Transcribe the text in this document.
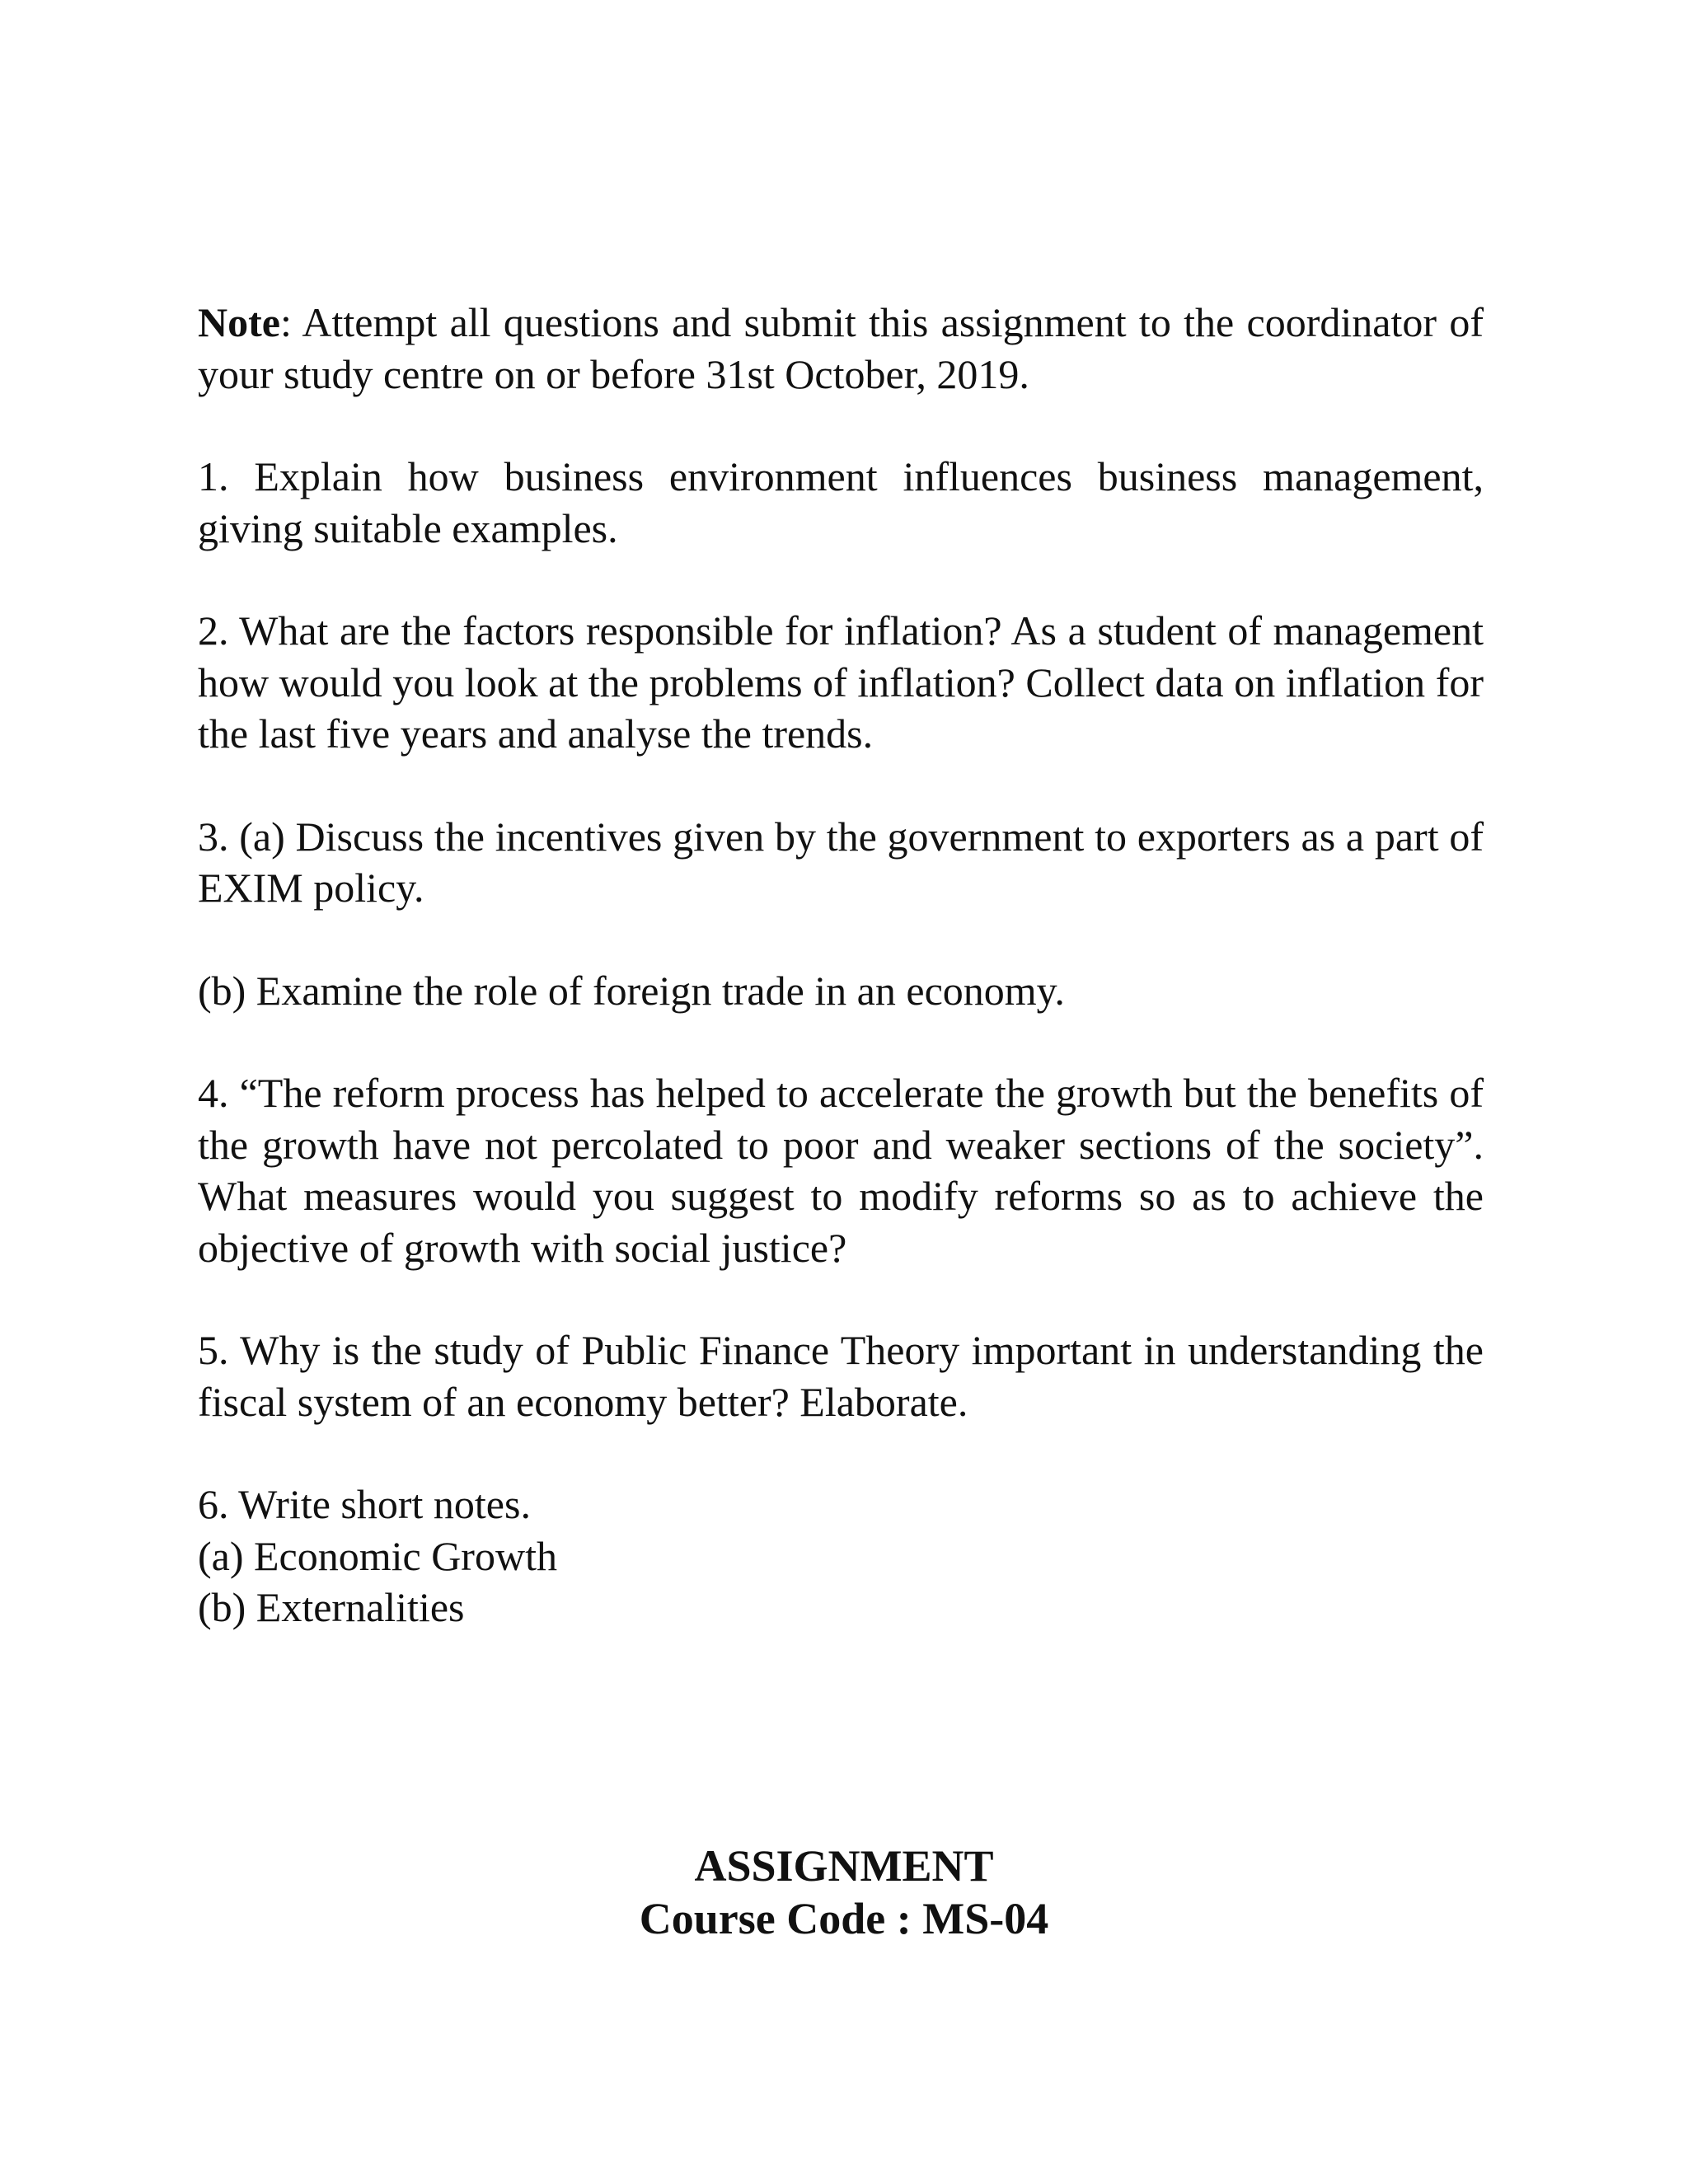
Note: Attempt all questions and submit this assignment to the coordinator of your study centre on or before 31st October, 2019.

1. Explain how business environment influences business management, giving suitable examples.

2. What are the factors responsible for inflation? As a student of management how would you look at the problems of inflation? Collect data on inflation for the last five years and analyse the trends.

3. (a) Discuss the incentives given by the government to exporters as a part of EXIM policy.

(b) Examine the role of foreign trade in an economy.

4. “The reform process has helped to accelerate the growth but the benefits of the growth have not percolated to poor and weaker sections of the society”. What measures would you suggest to modify reforms so as to achieve the objective of growth with social justice?

5. Why is the study of Public Finance Theory important in understanding the fiscal system of an economy better? Elaborate.

6. Write short notes.
(a) Economic Growth
(b) Externalities
ASSIGNMENT
Course Code : MS-04
